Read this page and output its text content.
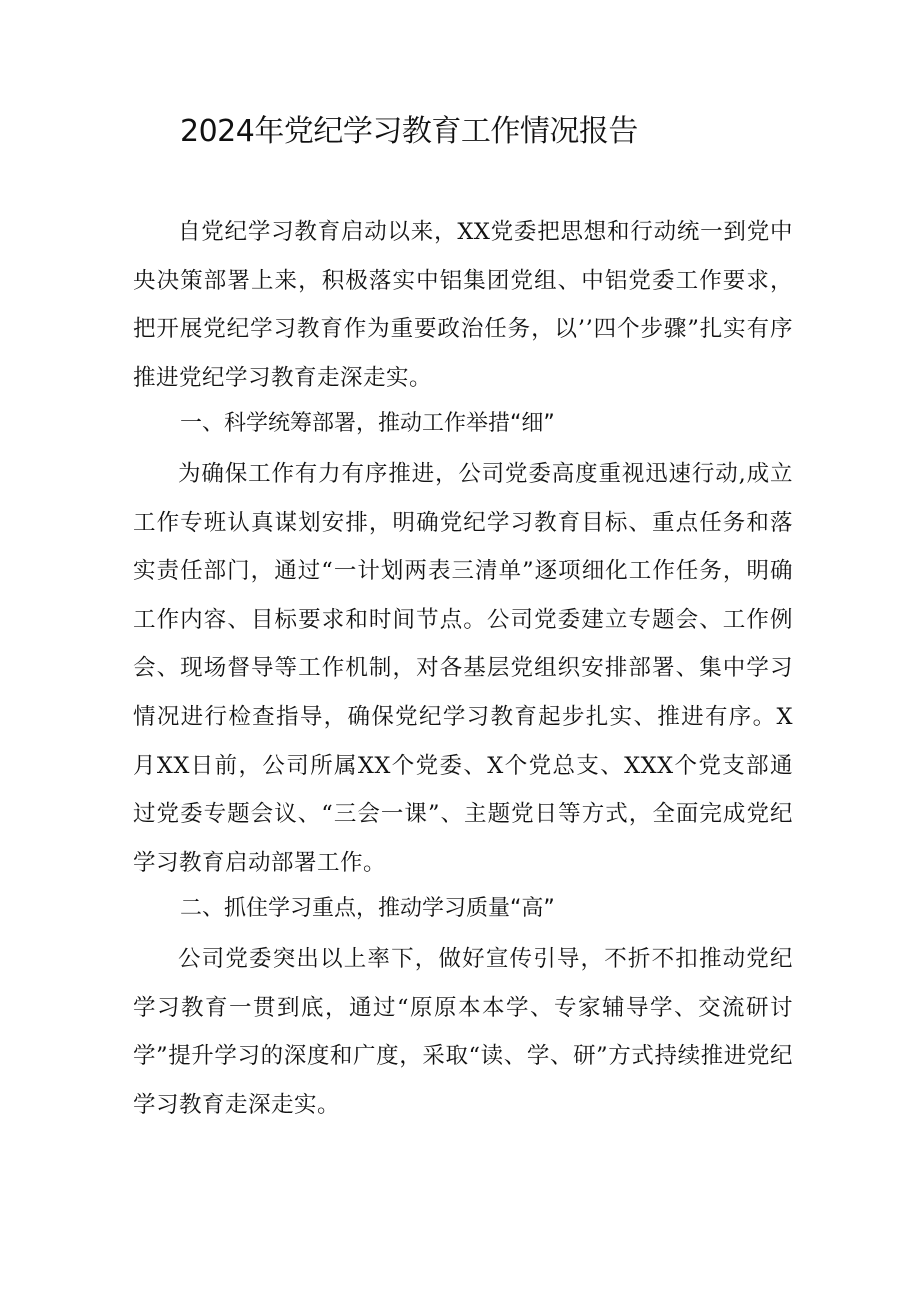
2024年党纪学习教育工作情况报告
自党纪学习教育启动以来，XX党委把思想和行动统一到党中央决策部署上来，积极落实中铝集团党组、中铝党委工作要求，把开展党纪学习教育作为重要政治任务，以’’四个步骤”扎实有序推进党纪学习教育走深走实。
一、科学统筹部署，推动工作举措“细”
为确保工作有力有序推进，公司党委高度重视迅速行动,成立工作专班认真谋划安排，明确党纪学习教育目标、重点任务和落实责任部门，通过“一计划两表三清单”逐项细化工作任务，明确工作内容、目标要求和时间节点。公司党委建立专题会、工作例会、现场督导等工作机制，对各基层党组织安排部署、集中学习情况进行检查指导，确保党纪学习教育起步扎实、推进有序。X月XX日前，公司所属XX个党委、X个党总支、XXX个党支部通过党委专题会议、“三会一课”、主题党日等方式，全面完成党纪学习教育启动部署工作。
二、抓住学习重点，推动学习质量“高”
公司党委突出以上率下，做好宣传引导，不折不扣推动党纪学习教育一贯到底，通过“原原本本学、专家辅导学、交流研讨学”提升学习的深度和广度，采取“读、学、研”方式持续推进党纪学习教育走深走实。
